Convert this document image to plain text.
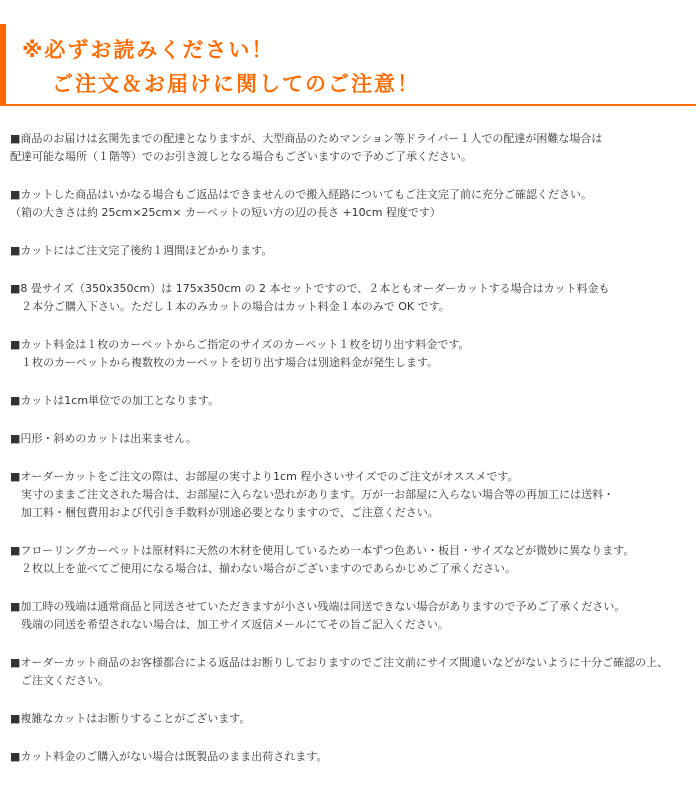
※必ずお読みください！
ご注文＆お届けに関してのご注意！
■商品のお届けは玄関先までの配達となりますが、大型商品のためマンション等ドライバー１人での配達が困難な場合は
配達可能な場所（１階等）でのお引き渡しとなる場合もございますので予めご了承ください。
■カットした商品はいかなる場合もご返品はできませんので搬入経路についてもご注文完了前に充分ご確認ください。
（箱の大きさは約 25cm×25cm× カーペットの短い方の辺の長さ +10cm 程度です）
■カットにはご注文完了後約１週間ほどかかります。
■8 畳サイズ（350x350cm）は 175x350cm の 2 本セットですので、２本ともオーダーカットする場合はカット料金も
　２本分ご購入下さい。ただし１本のみカットの場合はカット料金１本のみで OK です。
■カット料金は１枚のカーペットからご指定のサイズのカーペット１枚を切り出す料金です。
　１枚のカーペットから複数枚のカーペットを切り出す場合は別途料金が発生します。
■カットは1cm単位での加工となります。
■円形・斜めのカットは出来ません。
■オーダーカットをご注文の際は、お部屋の実寸より1cm 程小さいサイズでのご注文がオススメです。
　実寸のままご注文された場合は、お部屋に入らない恐れがあります。万が一お部屋に入らない場合等の再加工には送料・
　加工料・梱包費用および代引き手数料が別途必要となりますので、ご注意ください。
■フローリングカーペットは原材料に天然の木材を使用しているため一本ずつ色あい・板目・サイズなどが微妙に異なります。
　２枚以上を並べてご使用になる場合は、揃わない場合がございますのであらかじめご了承ください。
■加工時の残端は通常商品と同送させていただきますが小さい残端は同送できない場合がありますので予めご了承ください。
　残端の同送を希望されない場合は、加工サイズ返信メールにてその旨ご記入ください。
■オーダーカット商品のお客様都合による返品はお断りしておりますのでご注文前にサイズ間違いなどがないように十分ご確認の上、
　ご注文ください。
■複雑なカットはお断りすることがございます。
■カット料金のご購入がない場合は既製品のまま出荷されます。
